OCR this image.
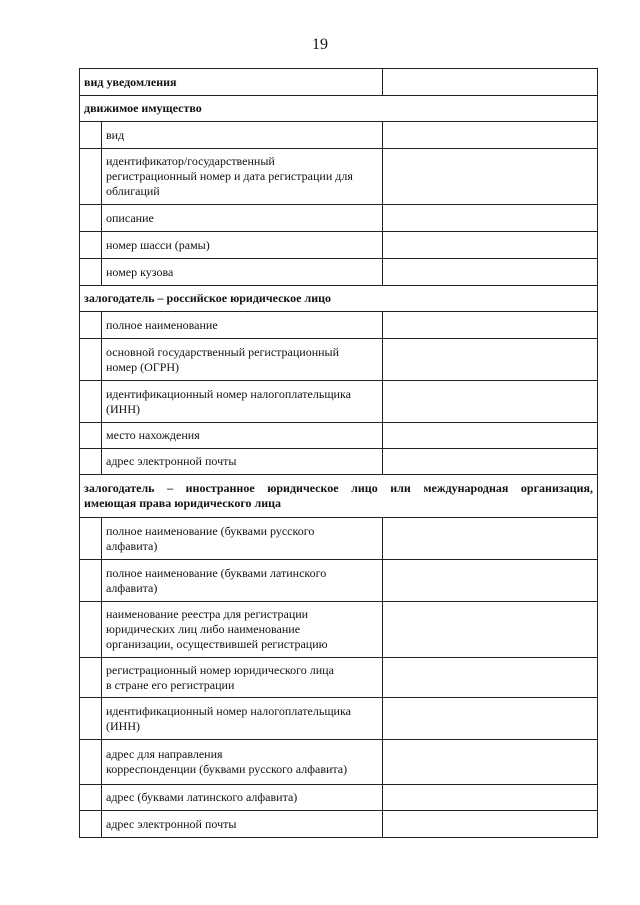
19
вид уведомления		
движимое имущество		
	вид	

	идентификатор/государственный
регистрационный номер и дата регистрации для
облигаций	

	описание	
	номер шасси (рамы)	
	номер кузова	
залогодатель – российское юридическое лицо		
	полное наименование	

	основной государственный регистрационный
номер (ОГРН)	

	идентификационный номер налогоплательщика
(ИНН)	

	место нахождения	
	адрес электронной почты	

залогодатель – иностранное юридическое лицо или международная организация,
имеющая права юридического лица		

	полное наименование (буквами русского
алфавита)	

	полное наименование (буквами латинского
алфавита)	

	наименование реестра для регистрации
юридических лиц либо наименование
организации, осуществившей регистрацию	

	регистрационный номер юридического лица
в стране его регистрации	

	идентификационный номер налогоплательщика
(ИНН)	

	адрес для направления
корреспонденции (буквами русского алфавита)	

	адрес (буквами латинского алфавита)	
	адрес электронной почты	
